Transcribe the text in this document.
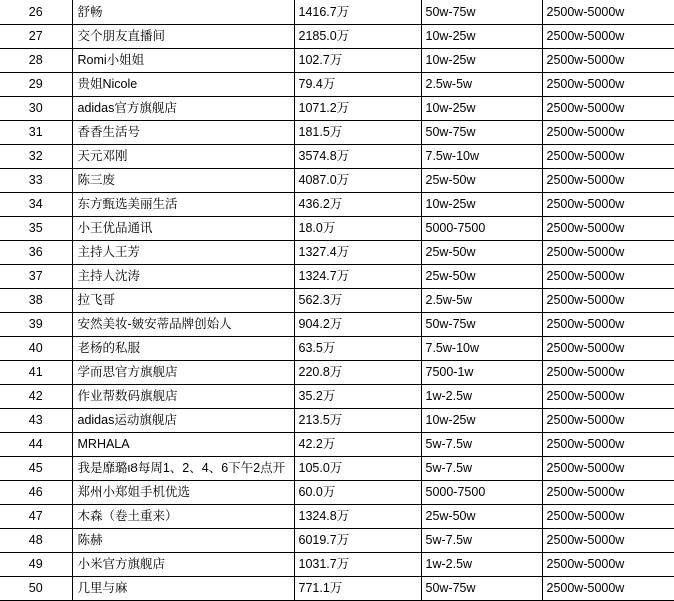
26	舒畅	1416.7万	50w-75w	2500w-5000w
27	交个朋友直播间	2185.0万	10w-25w	2500w-5000w
28	Romi小姐姐	102.7万	10w-25w	2500w-5000w
29	贵姐Nicole	79.4万	2.5w-5w	2500w-5000w
30	adidas官方旗舰店	1071.2万	10w-25w	2500w-5000w
31	香香生活号	181.5万	50w-75w	2500w-5000w
32	天元邓刚	3574.8万	7.5w-10w	2500w-5000w
33	陈三废	4087.0万	25w-50w	2500w-5000w
34	东方甄选美丽生活	436.2万	10w-25w	2500w-5000w
35	小王优品通讯	18.0万	5000-7500	2500w-5000w
36	主持人王芳	1327.4万	25w-50w	2500w-5000w
37	主持人沈涛	1324.7万	25w-50w	2500w-5000w
38	拉飞哥	562.3万	2.5w-5w	2500w-5000w
39	安然美妆-皴安蒂品牌创始人	904.2万	50w-75w	2500w-5000w
40	老杨的私服	63.5万	7.5w-10w	2500w-5000w
41	学而思官方旗舰店	220.8万	7500-1w	2500w-5000w
42	作业帮数码旗舰店	35.2万	1w-2.5w	2500w-5000w
43	adidas运动旗舰店	213.5万	10w-25w	2500w-5000w
44	MRHALA	42.2万	5w-7.5w	2500w-5000w
45	我是靡璐ιȢ每周1、2、4、6下午2点开	105.0万	5w-7.5w	2500w-5000w
46	郑州小郑姐手机优选	60.0万	5000-7500	2500w-5000w
47	木森（卷土重来）	1324.8万	25w-50w	2500w-5000w
48	陈赫	6019.7万	5w-7.5w	2500w-5000w
49	小米官方旗舰店	1031.7万	1w-2.5w	2500w-5000w
50	几里与麻	771.1万	50w-75w	2500w-5000w
